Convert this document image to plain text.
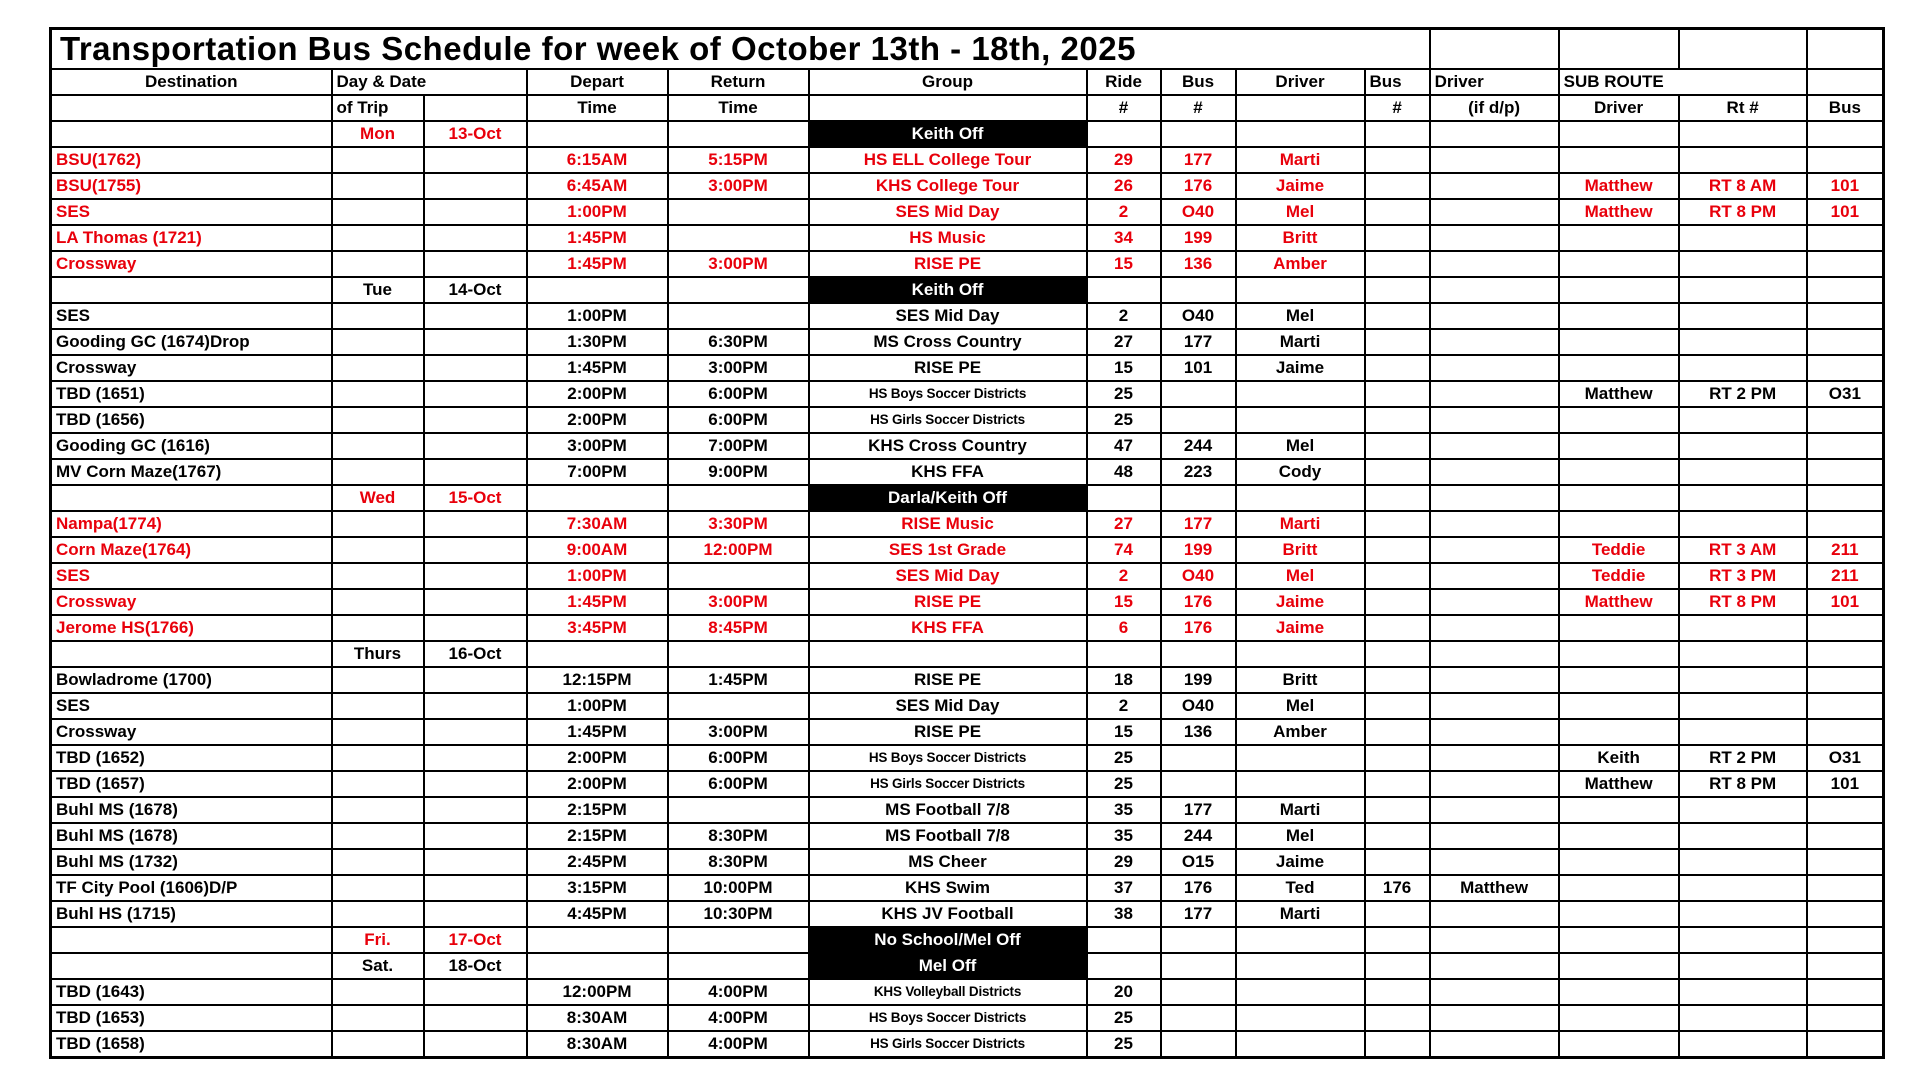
Transportation Bus Schedule for week of October 13th - 18th, 2025													
Destination	Day & Date		Depart	Return	Group	Ride	Bus	Driver	Bus	Driver	SUB ROUTE		
	of Trip		Time	Time		#	#		#	(if d/p)	Driver	Rt #	Bus
	Mon	13-Oct			Keith Off								
BSU(1762)			6:15AM	5:15PM	HS ELL College Tour	29	177	Marti					
BSU(1755)			6:45AM	3:00PM	KHS College Tour	26	176	Jaime			Matthew	RT 8 AM	101
SES			1:00PM		SES Mid Day	2	O40	Mel			Matthew	RT 8 PM	101
LA Thomas (1721)			1:45PM		HS Music	34	199	Britt					
Crossway			1:45PM	3:00PM	RISE PE	15	136	Amber					
	Tue	14-Oct			Keith Off								
SES			1:00PM		SES Mid Day	2	O40	Mel					
Gooding GC (1674)Drop			1:30PM	6:30PM	MS Cross Country	27	177	Marti					
Crossway			1:45PM	3:00PM	RISE PE	15	101	Jaime					
TBD (1651)			2:00PM	6:00PM	HS Boys Soccer Districts	25					Matthew	RT 2 PM	O31
TBD (1656)			2:00PM	6:00PM	HS Girls Soccer Districts	25							
Gooding GC (1616)			3:00PM	7:00PM	KHS Cross Country	47	244	Mel					
MV Corn Maze(1767)			7:00PM	9:00PM	KHS FFA	48	223	Cody					
	Wed	15-Oct			Darla/Keith Off								
Nampa(1774)			7:30AM	3:30PM	RISE Music	27	177	Marti					
Corn Maze(1764)			9:00AM	12:00PM	SES 1st Grade	74	199	Britt			Teddie	RT 3 AM	211
SES			1:00PM		SES Mid Day	2	O40	Mel			Teddie	RT 3 PM	211
Crossway			1:45PM	3:00PM	RISE PE	15	176	Jaime			Matthew	RT 8 PM	101
Jerome HS(1766)			3:45PM	8:45PM	KHS FFA	6	176	Jaime					
	Thurs	16-Oct											
Bowladrome (1700)			12:15PM	1:45PM	RISE PE	18	199	Britt					
SES			1:00PM		SES Mid Day	2	O40	Mel					
Crossway			1:45PM	3:00PM	RISE PE	15	136	Amber					
TBD (1652)			2:00PM	6:00PM	HS Boys Soccer Districts	25					Keith	RT 2 PM	O31
TBD (1657)			2:00PM	6:00PM	HS Girls Soccer Districts	25					Matthew	RT 8 PM	101
Buhl MS (1678)			2:15PM		MS Football 7/8	35	177	Marti					
Buhl MS (1678)			2:15PM	8:30PM	MS Football 7/8	35	244	Mel					
Buhl MS (1732)			2:45PM	8:30PM	MS Cheer	29	O15	Jaime					
TF City Pool (1606)D/P			3:15PM	10:00PM	KHS Swim	37	176	Ted	176	Matthew			
Buhl HS (1715)			4:45PM	10:30PM	KHS JV Football	38	177	Marti					
	Fri.	17-Oct			No School/Mel Off								
	Sat.	18-Oct			Mel Off								
TBD (1643)			12:00PM	4:00PM	KHS Volleyball Districts	20							
TBD (1653)			8:30AM	4:00PM	HS Boys Soccer Districts	25							
TBD (1658)			8:30AM	4:00PM	HS Girls Soccer Districts	25							
